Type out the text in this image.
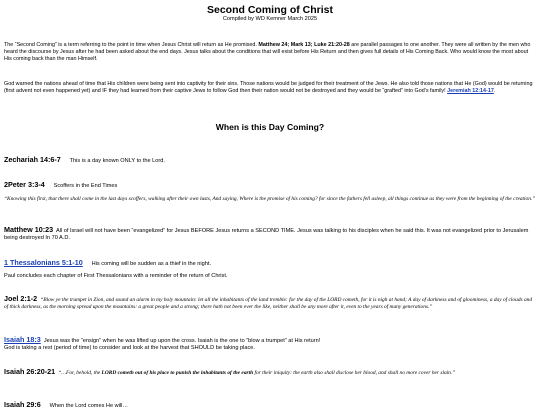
Second Coming of Christ
Compiled by WD Kemner March 2025

The “Second Coming” is a term referring to the point in time when Jesus Christ will return as He promised. Matthew 24; Mark 13; Luke 21:20-28 are parallel passages to one another. They were all written by the men who heard the discourse by Jesus after he had been asked about the end days. Jesus talks about the conditions that will exist before His Return and then gives full details of His Coming Back. Who would know the most about His coming back than the man Himself.

God warned the nations ahead of time that His children were being sent into captivity for their sins. Those nations would be judged for their treatment of the Jews. He also told those nations that He (God) would be returning (first advent not even happened yet) and IF they had learned from their captive Jews to follow God then their nation would not be destroyed and they would be “grafted” into God’s family! Jeremiah 12:14-17.

When is this Day Coming?

Zechariah 14:6-7 This is a day known ONLY to the Lord.

2Peter 3:3-4 Scoffers in the End Times

“Knowing this first, that there shall come in the last days scoffers, walking after their own lusts, And saying, Where is the promise of his coming? for since the fathers fell asleep, all things continue as they were from the beginning of the creation.”

Matthew 10:23 All of Israel will not have been “evangelized” for Jesus BEFORE Jesus returns a SECOND TIME. Jesus was talking to his disciples when he said this. It was not evangelized prior to Jerusalem being destroyed In 70 A.D.

1 Thessalonians 5:1-10 His coming will be sudden as a thief in the night.

Paul concludes each chapter of First Thessalonians with a reminder of the return of Christ.

Joel 2:1-2 “Blow ye the trumpet in Zion, and sound an alarm in my holy mountain: let all the inhabitants of the land tremble: for the day of the LORD cometh, for it is nigh at hand; A day of darkness and of gloominess, a day of clouds and of thick darkness, as the morning spread upon the mountains: a great people and a strong; there hath not been ever the like, neither shall be any more after it, even to the years of many generations.”

Isaiah 18:3 Jesus was the “ensign” when he was lifted up upon the cross. Isaiah is the one to “blow a trumpet” at His return!
God is taking a rest (period of time) to consider and look at the harvest that SHOULD be taking place.

Isaiah 26:20-21 “…For, behold, the LORD cometh out of his place to punish the inhabitants of the earth for their iniquity: the earth also shall disclose her blood, and shall no more cover her slain.”

Isaiah 29:6 When the Lord comes He will…
